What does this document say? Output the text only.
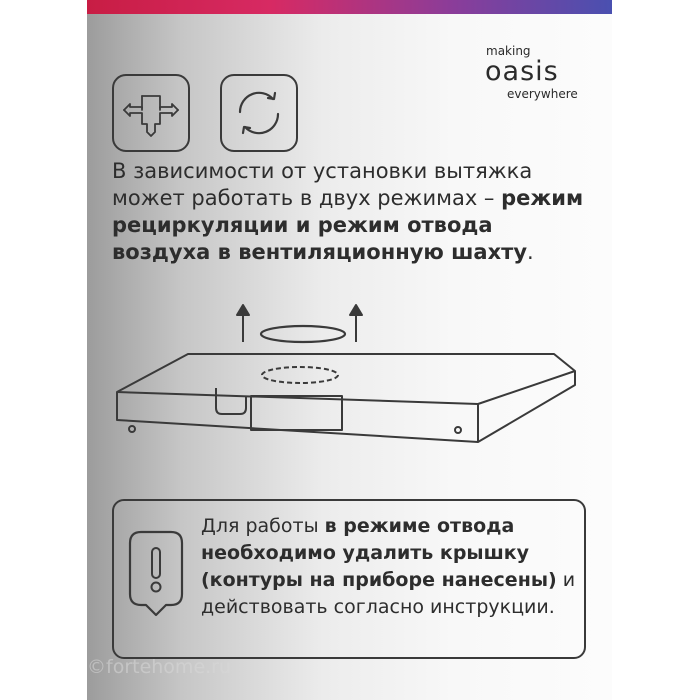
making
oasis
everywhere

В зависимости от установки вытяжка может работать в двух режимах – режим рециркуляции и режим отвода воздуха в вентиляционную шахту.

Для работы в режиме отвода необходимо удалить крышку (контуры на приборе нанесены) и действовать согласно инструкции.

©fortehome.ru
